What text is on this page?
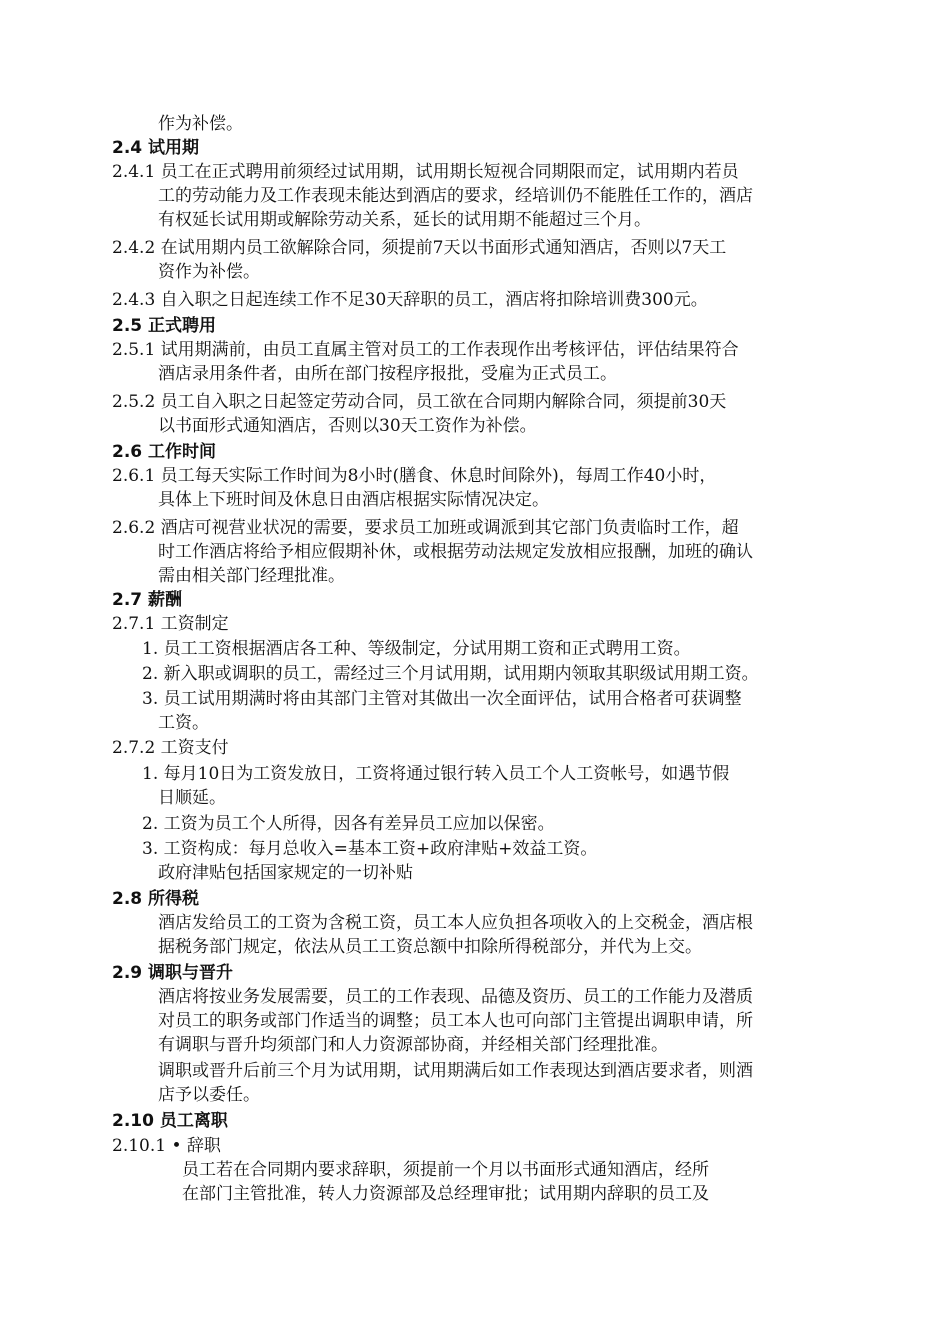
作为补偿。
2.4 试用期
2.4.1 员工在正式聘用前须经过试用期，试用期长短视合同期限而定，试用期内若员
工的劳动能力及工作表现未能达到酒店的要求，经培训仍不能胜任工作的，酒店
有权延长试用期或解除劳动关系，延长的试用期不能超过三个月。
2.4.2 在试用期内员工欲解除合同，须提前7天以书面形式通知酒店，否则以7天工
资作为补偿。
2.4.3 自入职之日起连续工作不足30天辞职的员工，酒店将扣除培训费300元。
2.5 正式聘用
2.5.1 试用期满前，由员工直属主管对员工的工作表现作出考核评估，评估结果符合
酒店录用条件者，由所在部门按程序报批，受雇为正式员工。
2.5.2 员工自入职之日起签定劳动合同，员工欲在合同期内解除合同，须提前30天
以书面形式通知酒店，否则以30天工资作为补偿。
2.6 工作时间
2.6.1 员工每天实际工作时间为8小时(膳食、休息时间除外)，每周工作40小时，
具体上下班时间及休息日由酒店根据实际情况决定。
2.6.2 酒店可视营业状况的需要，要求员工加班或调派到其它部门负责临时工作，超
时工作酒店将给予相应假期补休，或根据劳动法规定发放相应报酬，加班的确认
需由相关部门经理批准。
2.7 薪酬
2.7.1 工资制定
1. 员工工资根据酒店各工种、等级制定，分试用期工资和正式聘用工资。
2. 新入职或调职的员工，需经过三个月试用期，试用期内领取其职级试用期工资。
3. 员工试用期满时将由其部门主管对其做出一次全面评估，试用合格者可获调整
工资。
2.7.2 工资支付
1. 每月10日为工资发放日，工资将通过银行转入员工个人工资帐号，如遇节假
日顺延。
2. 工资为员工个人所得，因各有差异员工应加以保密。
3. 工资构成：每月总收入=基本工资+政府津贴+效益工资。
政府津贴包括国家规定的一切补贴
2.8 所得税
酒店发给员工的工资为含税工资，员工本人应负担各项收入的上交税金，酒店根
据税务部门规定，依法从员工工资总额中扣除所得税部分，并代为上交。
2.9 调职与晋升
酒店将按业务发展需要，员工的工作表现、品德及资历、员工的工作能力及潜质
对员工的职务或部门作适当的调整；员工本人也可向部门主管提出调职申请，所
有调职与晋升均须部门和人力资源部协商，并经相关部门经理批准。
调职或晋升后前三个月为试用期，试用期满后如工作表现达到酒店要求者，则酒
店予以委任。
2.10 员工离职
2.10.1 • 辞职
员工若在合同期内要求辞职，须提前一个月以书面形式通知酒店，经所
在部门主管批准，转人力资源部及总经理审批；试用期内辞职的员工及
